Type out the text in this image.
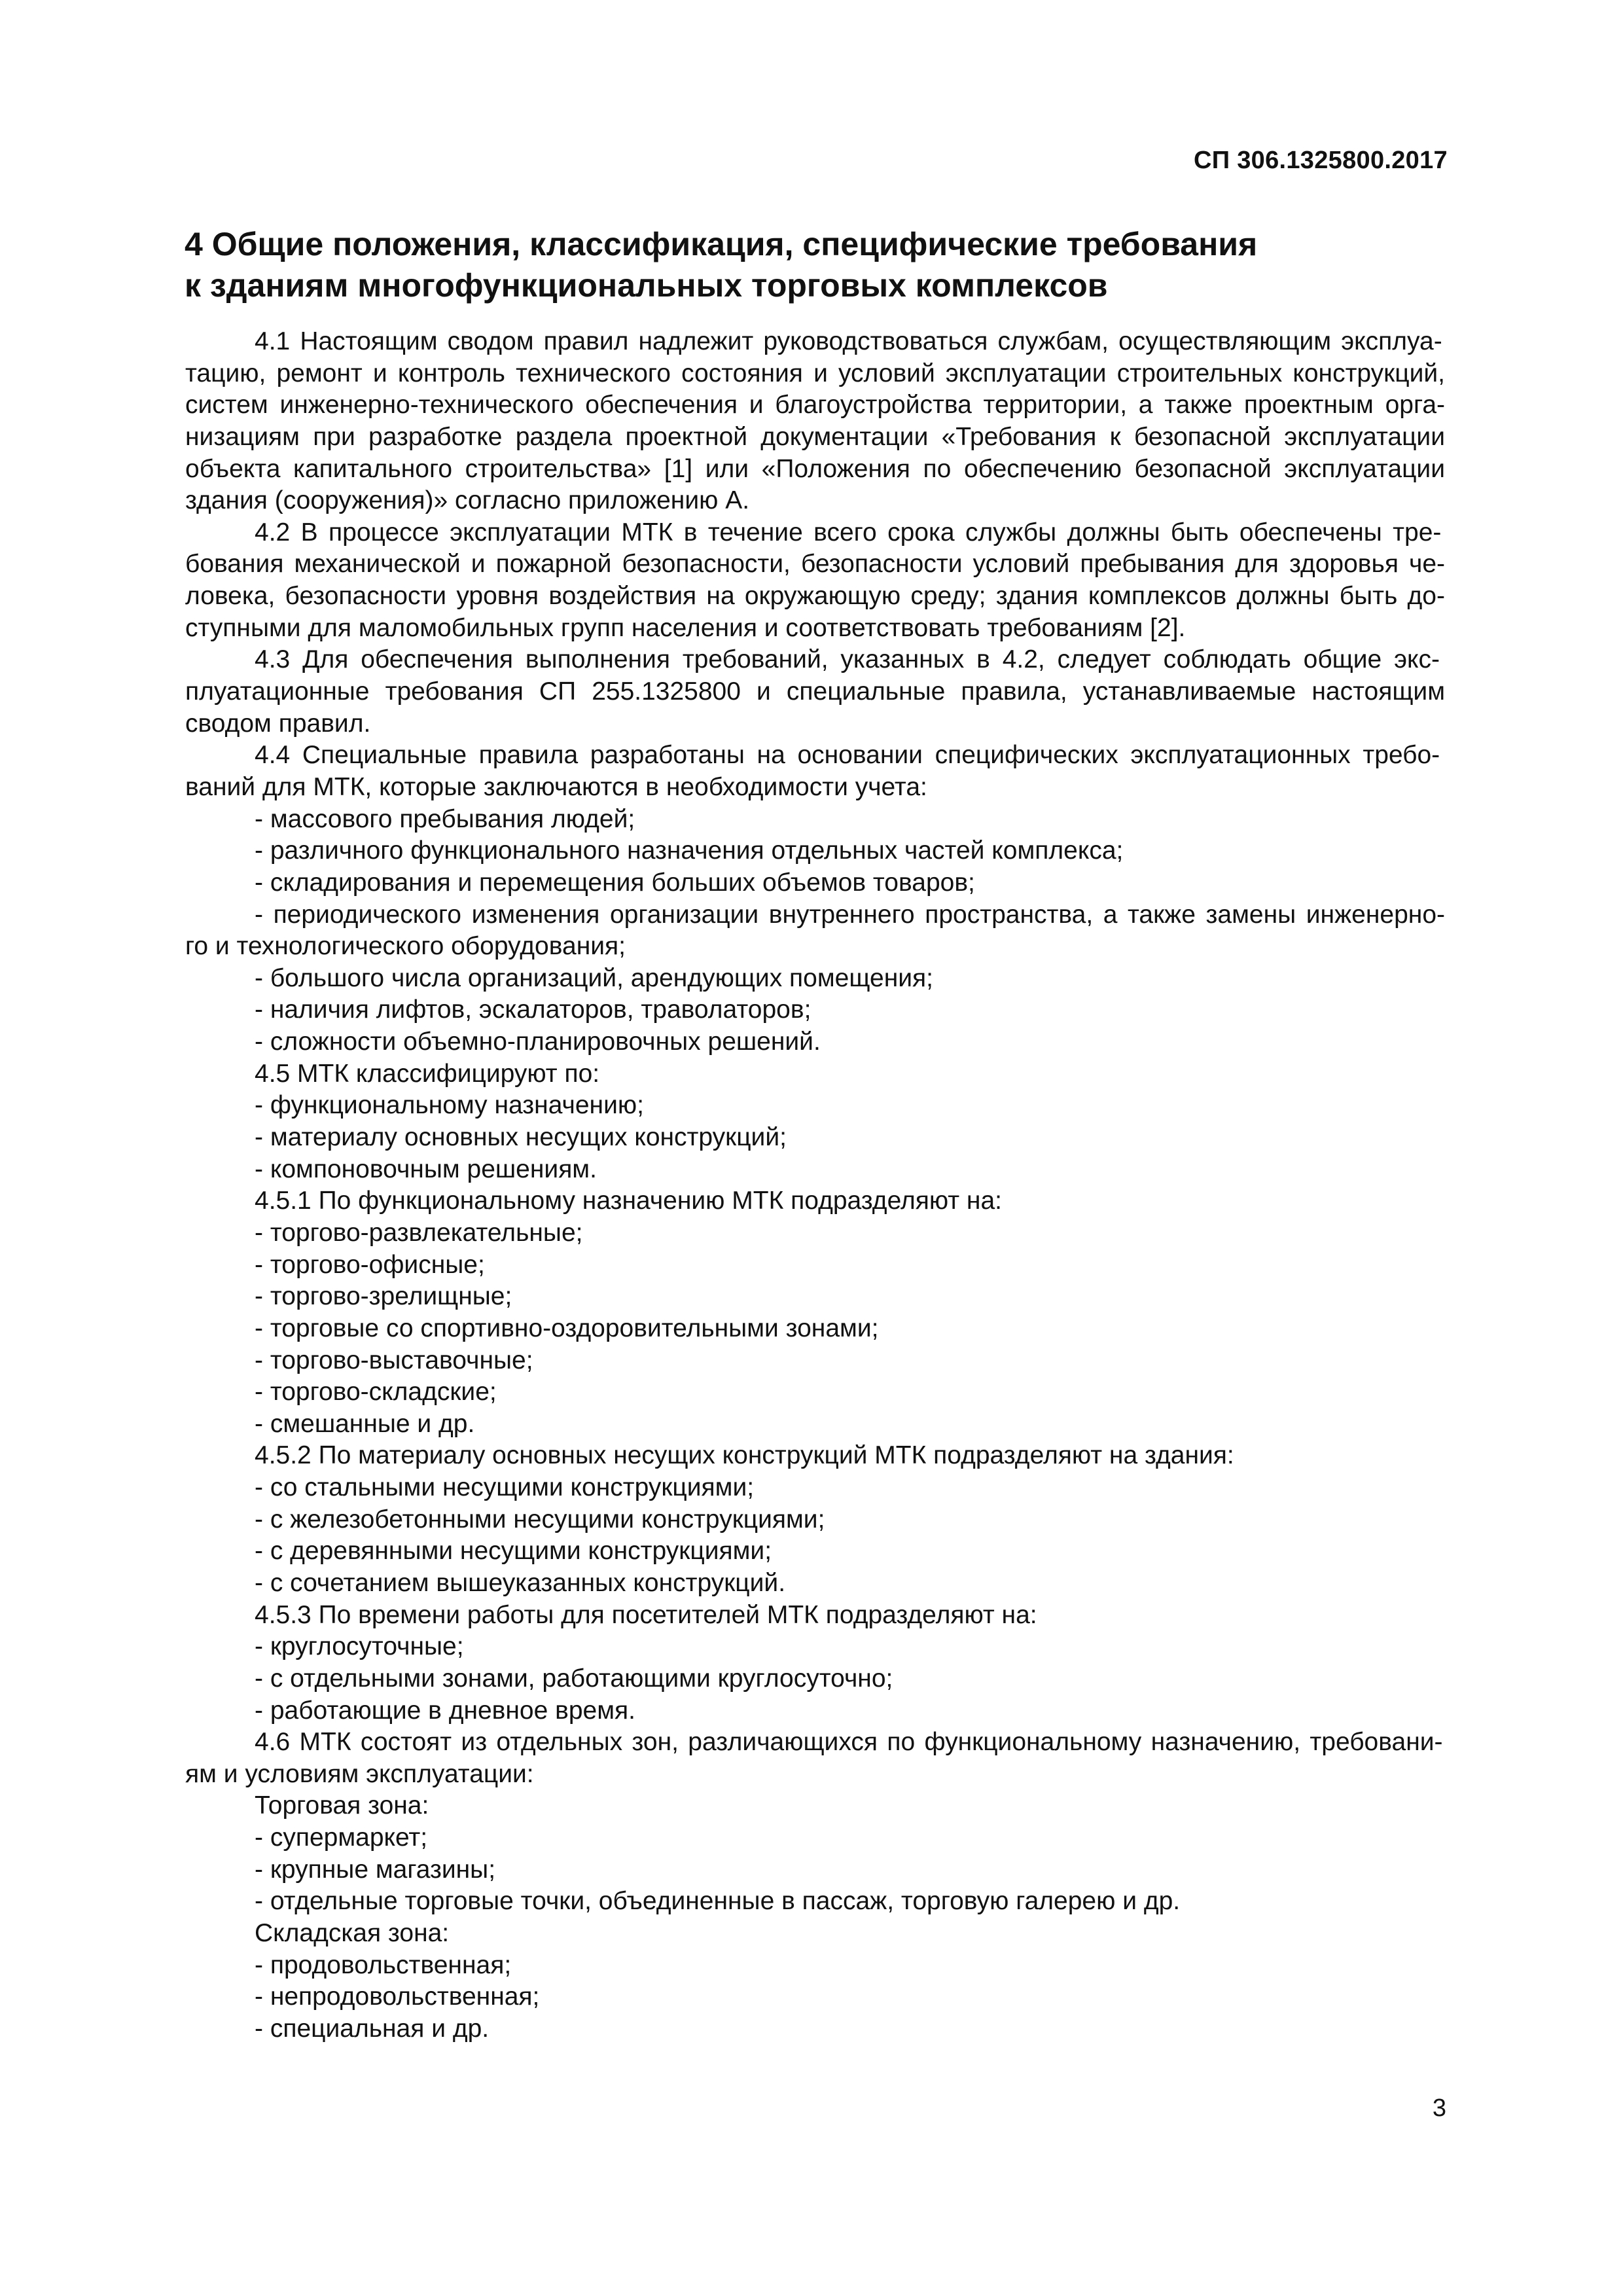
СП 306.1325800.2017
4 Общие положения, классификация, специфические требования
к зданиям многофункциональных торговых комплексов
4.1 Настоящим сводом правил надлежит руководствоваться службам, осуществляющим эксплуа-
тацию, ремонт и контроль технического состояния и условий эксплуатации строительных конструкций,
систем инженерно-технического обеспечения и благоустройства территории, а также проектным орга-
низациям при разработке раздела проектной документации «Требования к безопасной эксплуатации
объекта капитального строительства» [1] или «Положения по обеспечению безопасной эксплуатации
здания (сооружения)» согласно приложению А.
4.2 В процессе эксплуатации МТК в течение всего срока службы должны быть обеспечены тре-
бования механической и пожарной безопасности, безопасности условий пребывания для здоровья че-
ловека, безопасности уровня воздействия на окружающую среду; здания комплексов должны быть до-
ступными для маломобильных групп населения и соответствовать требованиям [2].
4.3 Для обеспечения выполнения требований, указанных в 4.2, следует соблюдать общие экс-
плуатационные требования СП 255.1325800 и специальные правила, устанавливаемые настоящим
сводом правил.
4.4 Специальные правила разработаны на основании специфических эксплуатационных требо-
ваний для МТК, которые заключаются в необходимости учета:
- массового пребывания людей;
- различного функционального назначения отдельных частей комплекса;
- складирования и перемещения больших объемов товаров;
- периодического изменения организации внутреннего пространства, а также замены инженерно-
го и технологического оборудования;
- большого числа организаций, арендующих помещения;
- наличия лифтов, эскалаторов, траволаторов;
- сложности объемно-планировочных решений.
4.5 МТК классифицируют по:
- функциональному назначению;
- материалу основных несущих конструкций;
- компоновочным решениям.
4.5.1 По функциональному назначению МТК подразделяют на:
- торгово-развлекательные;
- торгово-офисные;
- торгово-зрелищные;
- торговые со спортивно-оздоровительными зонами;
- торгово-выставочные;
- торгово-складские;
- смешанные и др.
4.5.2 По материалу основных несущих конструкций МТК подразделяют на здания:
- со стальными несущими конструкциями;
- с железобетонными несущими конструкциями;
- с деревянными несущими конструкциями;
- с сочетанием вышеуказанных конструкций.
4.5.3 По времени работы для посетителей МТК подразделяют на:
- круглосуточные;
- с отдельными зонами, работающими круглосуточно;
- работающие в дневное время.
4.6 МТК состоят из отдельных зон, различающихся по функциональному назначению, требовани-
ям и условиям эксплуатации:
Торговая зона:
- супермаркет;
- крупные магазины;
- отдельные торговые точки, объединенные в пассаж, торговую галерею и др.
Складская зона:
- продовольственная;
- непродовольственная;
- специальная и др.
3
